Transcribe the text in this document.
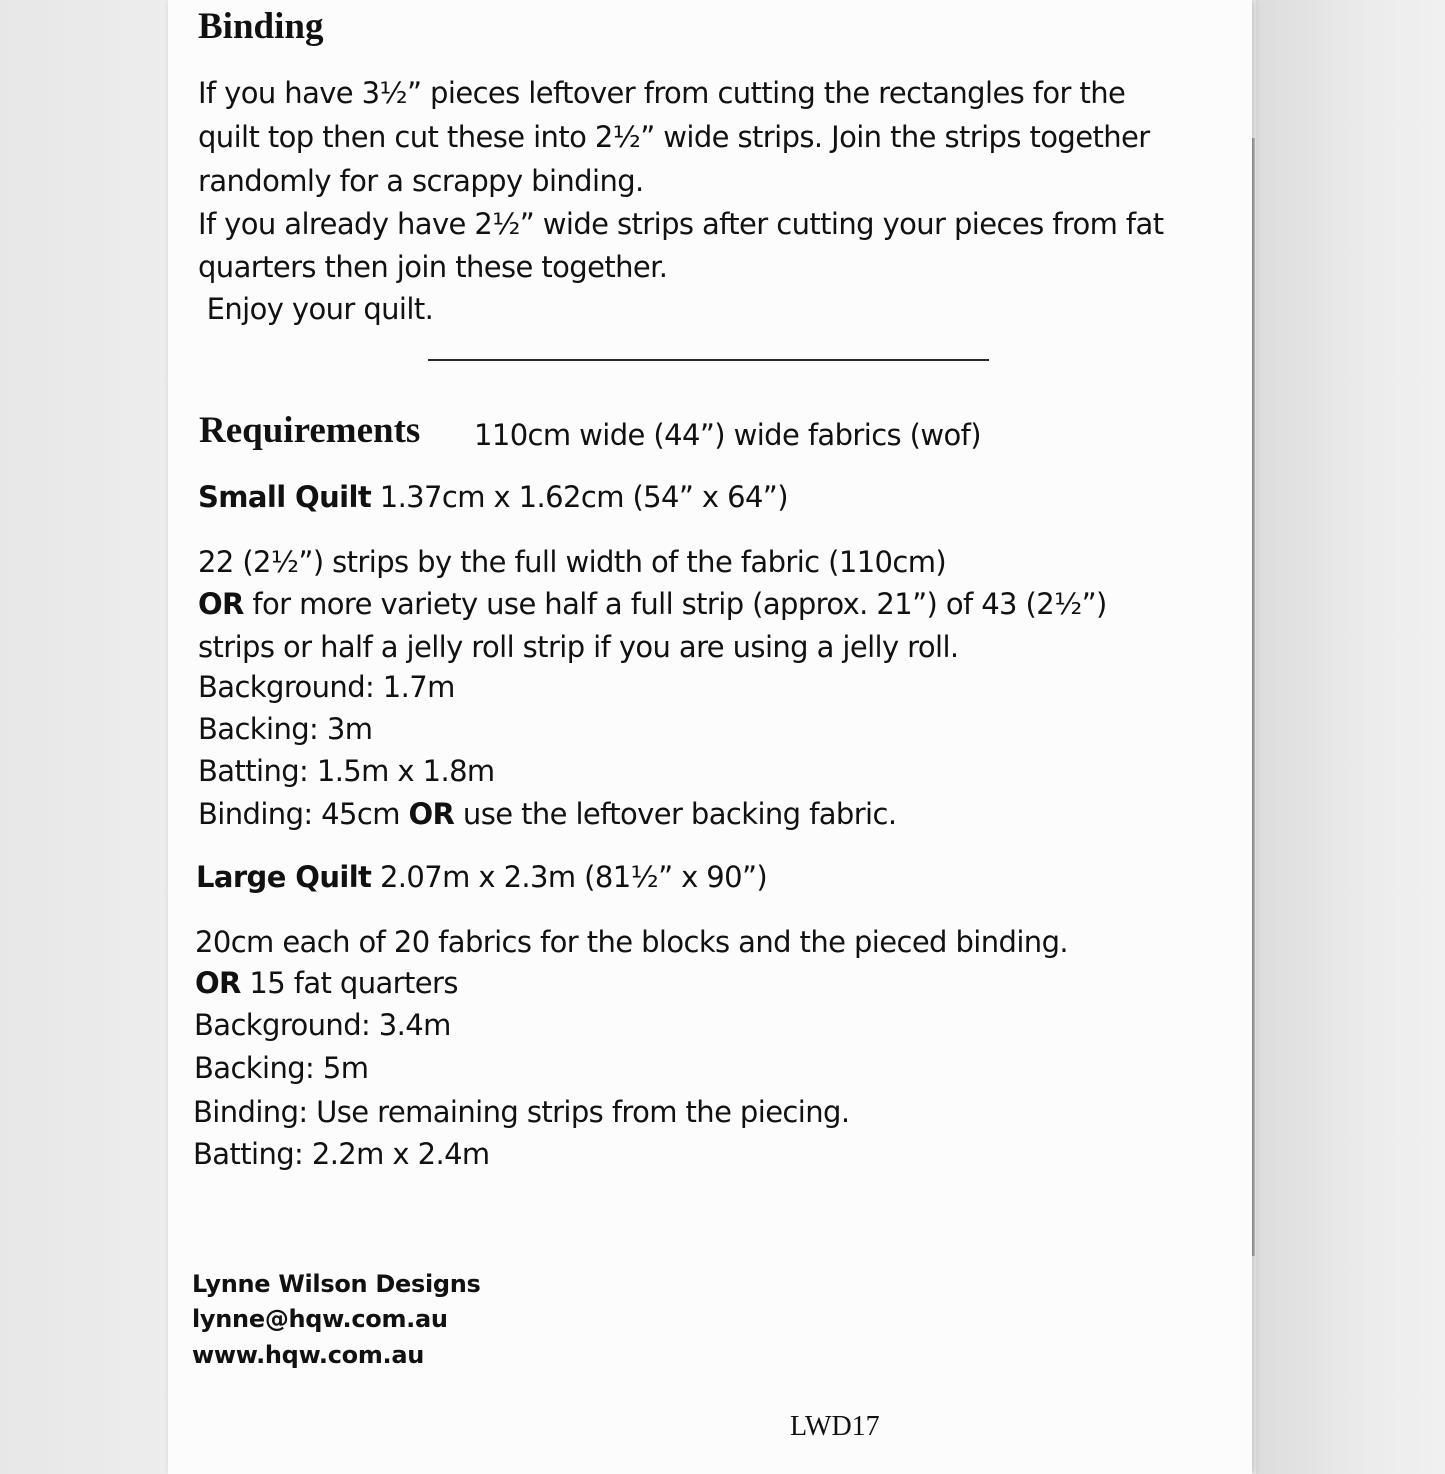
Binding
If you have 3½” pieces leftover from cutting the rectangles for the
quilt top then cut these into 2½” wide strips. Join the strips together
randomly for a scrappy binding.
If you already have 2½” wide strips after cutting your pieces from fat
quarters then join these together.
Enjoy your quilt.
Requirements 110cm wide (44”) wide fabrics (wof)
Small Quilt 1.37cm x 1.62cm (54” x 64”)
22 (2½”) strips by the full width of the fabric (110cm)
OR for more variety use half a full strip (approx. 21”) of 43 (2½”)
strips or half a jelly roll strip if you are using a jelly roll.
Background: 1.7m
Backing: 3m
Batting: 1.5m x 1.8m
Binding: 45cm OR use the leftover backing fabric.
Large Quilt 2.07m x 2.3m (81½” x 90”)
20cm each of 20 fabrics for the blocks and the pieced binding.
OR 15 fat quarters
Background: 3.4m
Backing: 5m
Binding: Use remaining strips from the piecing.
Batting: 2.2m x 2.4m
Lynne Wilson Designs
lynne@hqw.com.au
www.hqw.com.au
LWD17
